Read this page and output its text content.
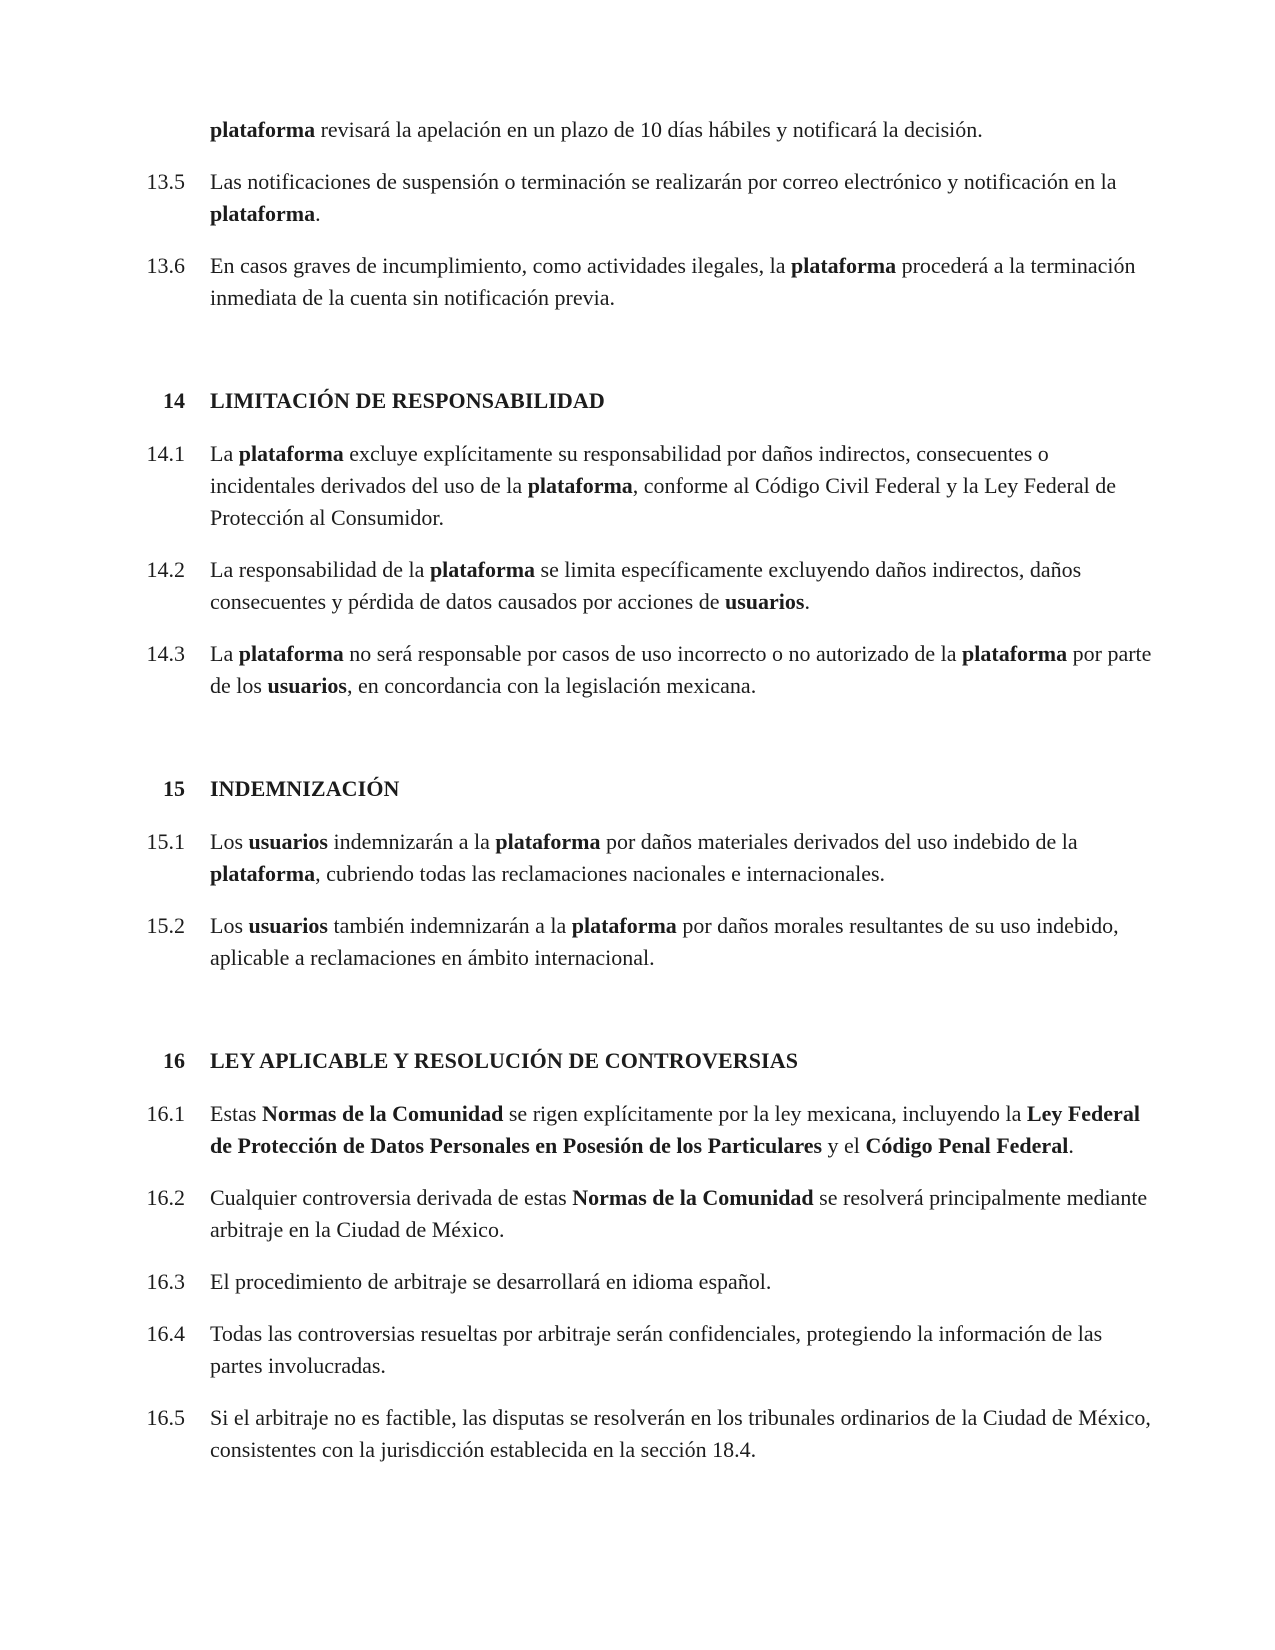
plataforma revisará la apelación en un plazo de 10 días hábiles y notificará la decisión.
13.5 Las notificaciones de suspensión o terminación se realizarán por correo electrónico y notificación en la plataforma.
13.6 En casos graves de incumplimiento, como actividades ilegales, la plataforma procederá a la terminación inmediata de la cuenta sin notificación previa.
14 LIMITACIÓN DE RESPONSABILIDAD
14.1 La plataforma excluye explícitamente su responsabilidad por daños indirectos, consecuentes o incidentales derivados del uso de la plataforma, conforme al Código Civil Federal y la Ley Federal de Protección al Consumidor.
14.2 La responsabilidad de la plataforma se limita específicamente excluyendo daños indirectos, daños consecuentes y pérdida de datos causados por acciones de usuarios.
14.3 La plataforma no será responsable por casos de uso incorrecto o no autorizado de la plataforma por parte de los usuarios, en concordancia con la legislación mexicana.
15 INDEMNIZACIÓN
15.1 Los usuarios indemnizarán a la plataforma por daños materiales derivados del uso indebido de la plataforma, cubriendo todas las reclamaciones nacionales e internacionales.
15.2 Los usuarios también indemnizarán a la plataforma por daños morales resultantes de su uso indebido, aplicable a reclamaciones en ámbito internacional.
16 LEY APLICABLE Y RESOLUCIÓN DE CONTROVERSIAS
16.1 Estas Normas de la Comunidad se rigen explícitamente por la ley mexicana, incluyendo la Ley Federal de Protección de Datos Personales en Posesión de los Particulares y el Código Penal Federal.
16.2 Cualquier controversia derivada de estas Normas de la Comunidad se resolverá principalmente mediante arbitraje en la Ciudad de México.
16.3 El procedimiento de arbitraje se desarrollará en idioma español.
16.4 Todas las controversias resueltas por arbitraje serán confidenciales, protegiendo la información de las partes involucradas.
16.5 Si el arbitraje no es factible, las disputas se resolverán en los tribunales ordinarios de la Ciudad de México, consistentes con la jurisdicción establecida en la sección 18.4.
